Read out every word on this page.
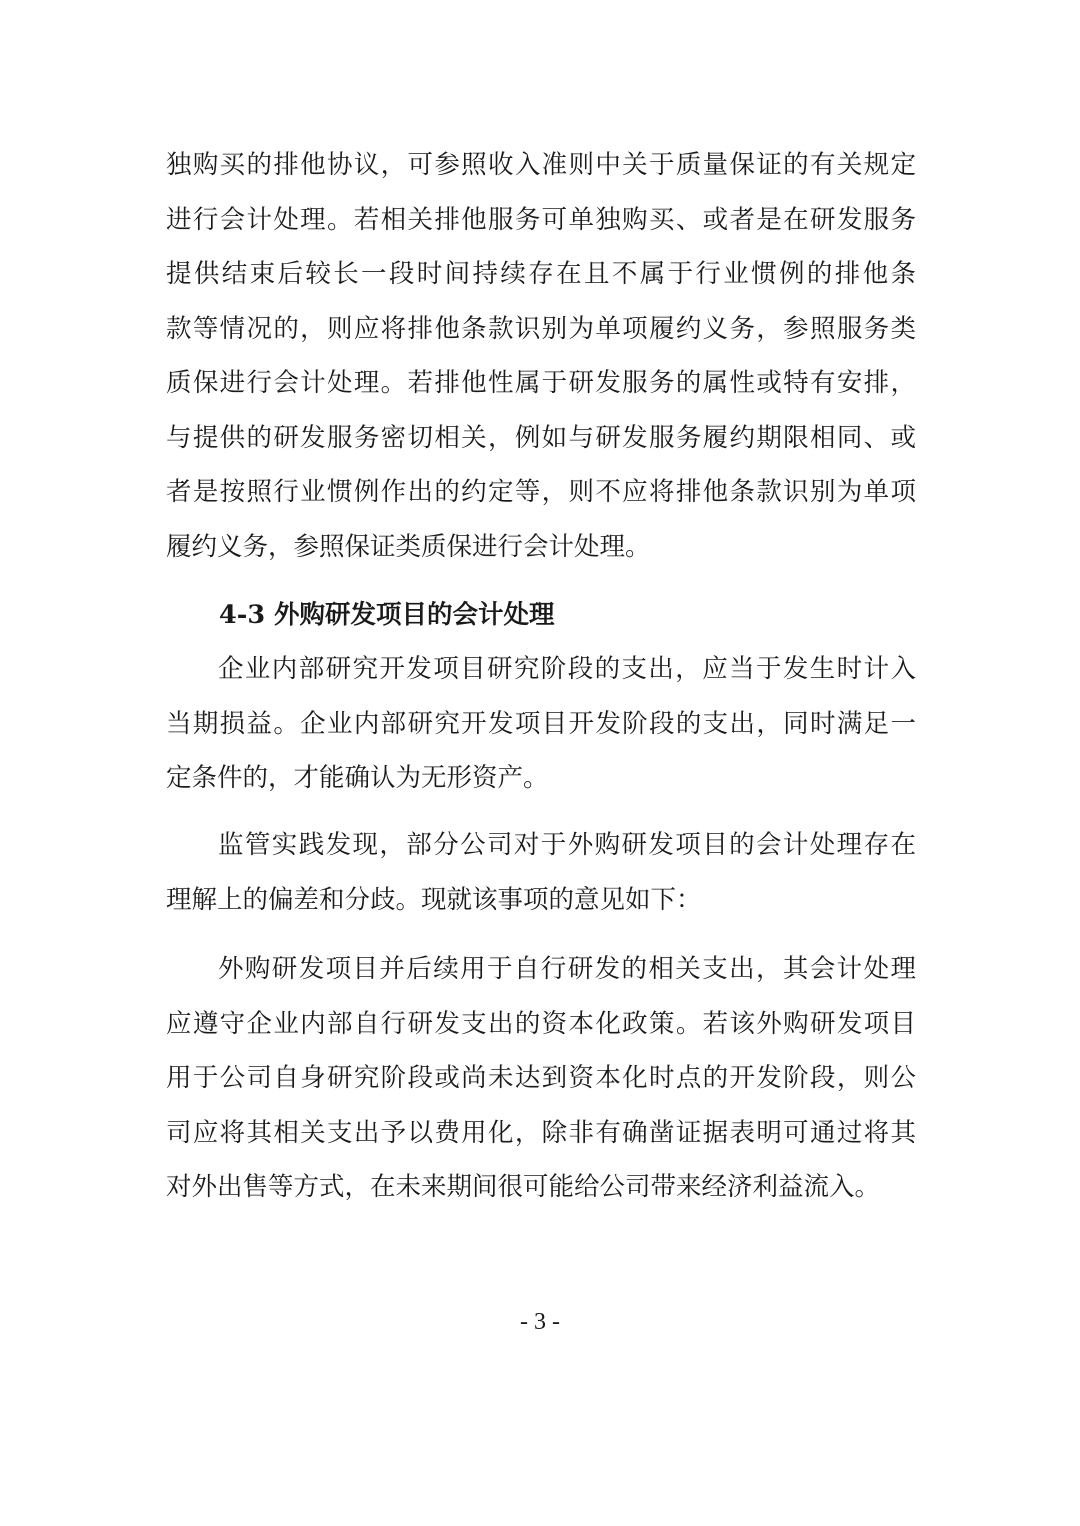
独购买的排他协议，可参照收入准则中关于质量保证的有关规定
进行会计处理。若相关排他服务可单独购买、或者是在研发服务
提供结束后较长一段时间持续存在且不属于行业惯例的排他条
款等情况的，则应将排他条款识别为单项履约义务，参照服务类
质保进行会计处理。若排他性属于研发服务的属性或特有安排，
与提供的研发服务密切相关，例如与研发服务履约期限相同、或
者是按照行业惯例作出的约定等，则不应将排他条款识别为单项
履约义务，参照保证类质保进行会计处理。
4-3 外购研发项目的会计处理
企业内部研究开发项目研究阶段的支出，应当于发生时计入
当期损益。企业内部研究开发项目开发阶段的支出，同时满足一
定条件的，才能确认为无形资产。
监管实践发现，部分公司对于外购研发项目的会计处理存在
理解上的偏差和分歧。现就该事项的意见如下：
外购研发项目并后续用于自行研发的相关支出，其会计处理
应遵守企业内部自行研发支出的资本化政策。若该外购研发项目
用于公司自身研究阶段或尚未达到资本化时点的开发阶段，则公
司应将其相关支出予以费用化，除非有确凿证据表明可通过将其
对外出售等方式，在未来期间很可能给公司带来经济利益流入。
- 3 -
